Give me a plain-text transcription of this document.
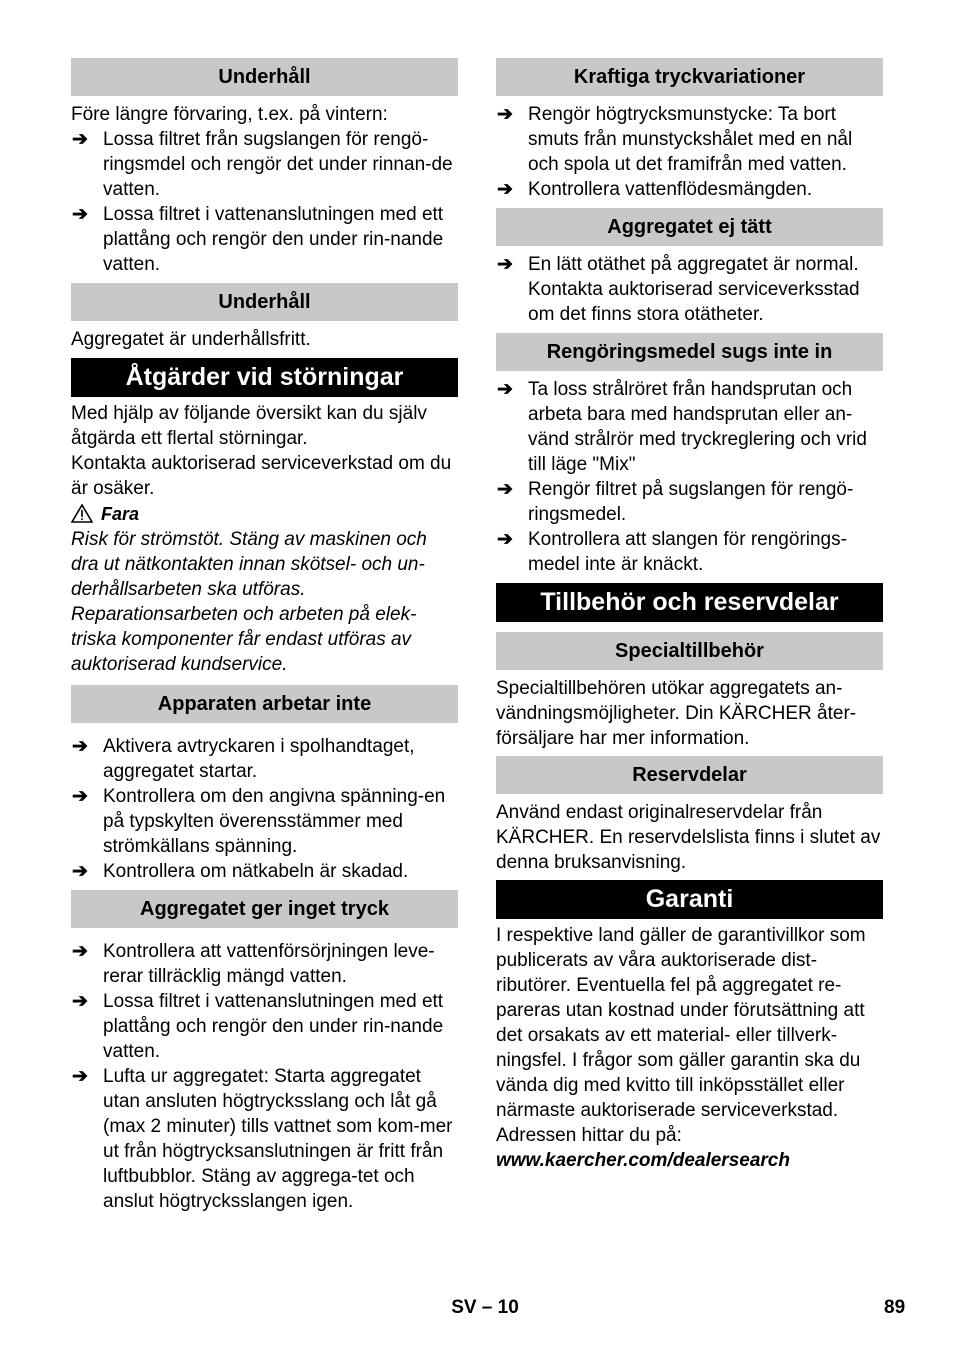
Underhåll

Före längre förvaring, t.ex. på vintern:

➔ Lossa filtret från sugslangen för rengö-ringsmdel och rengör det under rinnan-de vatten.
➔ Lossa filtret i vattenanslutningen med ett plattång och rengör den under rin-nande vatten.
Underhåll

Aggregatet är underhållsfritt.

Åtgärder vid störningar

Med hjälp av följande översikt kan du själv åtgärda ett flertal störningar.

Kontakta auktoriserad serviceverkstad om du är osäker.

Fara

Risk för strömstöt. Stäng av maskinen och dra ut nätkontakten innan skötsel- och un-derhållsarbeten ska utföras.

Reparationsarbeten och arbeten på elek-triska komponenter får endast utföras av auktoriserad kundservice.

Apparaten arbetar inte
➔ Aktivera avtryckaren i spolhandtaget, aggregatet startar.
➔ Kontrollera om den angivna spänning-en på typskylten överensstämmer med strömkällans spänning.
➔ Kontrollera om nätkabeln är skadad.
Aggregatet ger inget tryck
➔ Kontrollera att vattenförsörjningen leve-rerar tillräcklig mängd vatten.
➔ Lossa filtret i vattenanslutningen med ett plattång och rengör den under rin-nande vatten.
➔ Lufta ur aggregatet: Starta aggregatet utan ansluten högtrycksslang och låt gå (max 2 minuter) tills vattnet som kom-mer ut från högtrycksanslutningen är fritt från luftbubblor. Stäng av aggrega-tet och anslut högtrycksslangen igen.
Kraftiga tryckvariationer
➔ Rengör högtrycksmunstycke: Ta bort smuts från munstyckshålet med en nål och spola ut det framifrån med vatten.
➔ Kontrollera vattenflödesmängden.
Aggregatet ej tätt
➔ En lätt otäthet på aggregatet är normal. Kontakta auktoriserad serviceverksstad om det finns stora otätheter.
Rengöringsmedel sugs inte in
➔ Ta loss strålröret från handsprutan och arbeta bara med handsprutan eller an-vänd strålrör med tryckreglering och vrid till läge "Mix"
➔ Rengör filtret på sugslangen för rengö-ringsmedel.
➔ Kontrollera att slangen för rengörings-medel inte är knäckt.
Tillbehör och reservdelar
Specialtillbehör

Specialtillbehören utökar aggregatets an-vändningsmöjligheter. Din KÄRCHER åter-försäljare har mer information.

Reservdelar

Använd endast originalreservdelar från KÄRCHER. En reservdelslista finns i slutet av denna bruksanvisning.

Garanti

I respektive land gäller de garantivillkor som publicerats av våra auktoriserade dist-ributörer. Eventuella fel på aggregatet re-pareras utan kostnad under förutsättning att det orsakats av ett material- eller tillverk-ningsfel. I frågor som gäller garantin ska du vända dig med kvitto till inköpsstället eller närmaste auktoriserade serviceverkstad. Adressen hittar du på:

www.kaercher.com/dealersearch

SV – 10	89
